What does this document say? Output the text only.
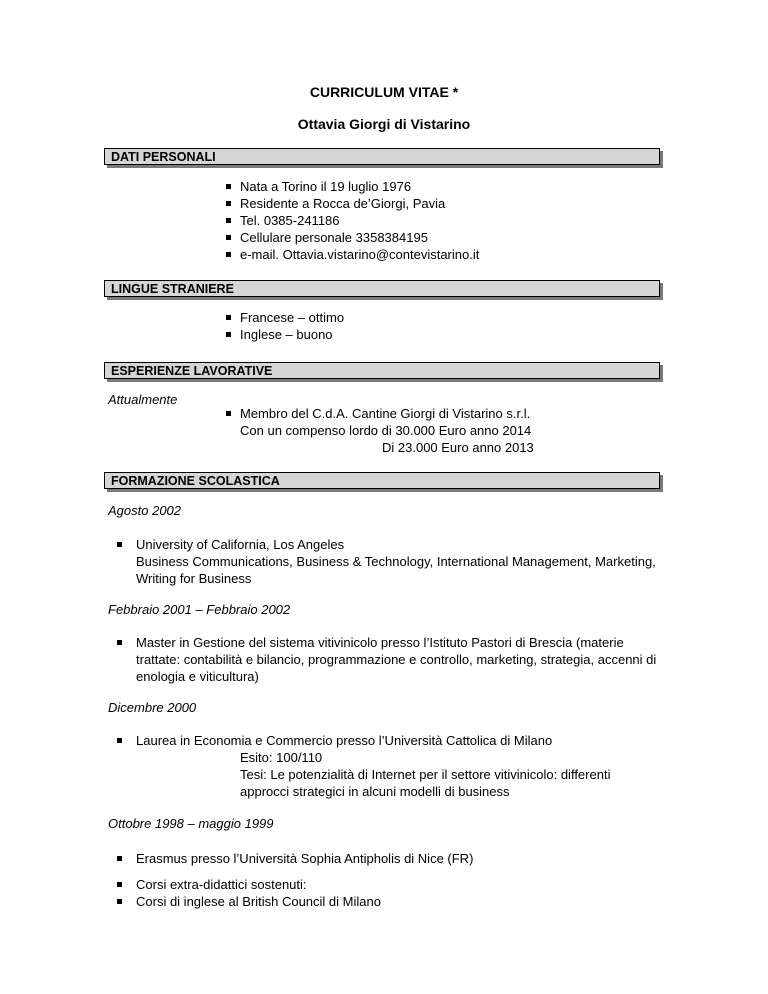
CURRICULUM VITAE *
Ottavia Giorgi di Vistarino
DATI PERSONALI
Nata a Torino il 19 luglio 1976
Residente a Rocca de’Giorgi, Pavia
Tel. 0385-241186
Cellulare personale 3358384195
e-mail. Ottavia.vistarino@contevistarino.it
LINGUE STRANIERE
Francese – ottimo
Inglese – buono
ESPERIENZE LAVORATIVE
Attualmente
Membro del C.d.A. Cantine Giorgi di Vistarino s.r.l.
Con un compenso lordo di 30.000 Euro anno 2014
Di 23.000 Euro anno 2013
FORMAZIONE SCOLASTICA
Agosto 2002
University of California, Los Angeles
Business Communications, Business & Technology, International Management, Marketing,
Writing for Business
Febbraio 2001 – Febbraio 2002
Master in Gestione del sistema vitivinicolo presso l’Istituto Pastori di Brescia (materie
trattate: contabilità e bilancio, programmazione e controllo, marketing, strategia, accenni di
enologia e viticultura)
Dicembre 2000
Laurea in Economia e Commercio presso l’Università Cattolica di Milano
Esito: 100/110
Tesi: Le potenzialità di Internet per il settore vitivinicolo: differenti
approcci strategici in alcuni modelli di business
Ottobre 1998 – maggio 1999
Erasmus presso l’Università Sophia Antipholis di Nice (FR)
Corsi extra-didattici sostenuti:
Corsi di inglese al British Council di Milano
